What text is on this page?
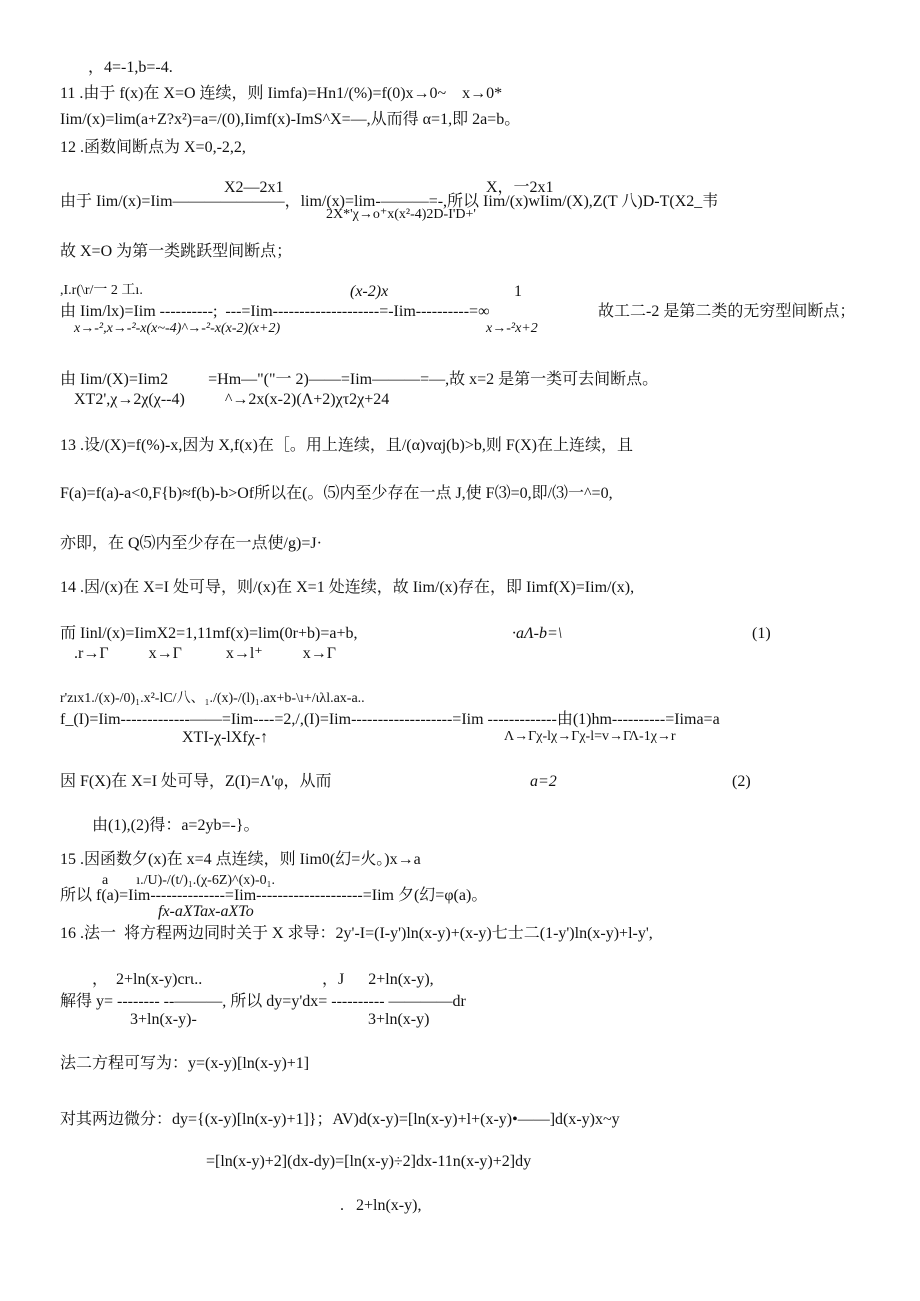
，4=-1,b=-4.
11 .由于 f(x)在 X=O 连续，则 Iimfa)=Hn1/(%)=f(0)x→0~    x→0*
Iim/(x)=lim(a+Z?x²)=a=/(0),Iimf(x)-ImS^X=—,从而得 α=1,即 2a=b。
12 .函数间断点为 X=0,-2,2,
X2—2x1	X，一2x1
由于 Iim/(x)=Iim———————，lim/(x)=lim-———=-,所以 Iim/(x)wIim/(X),Z(T 八)D-T(X2_韦
2X*'χ→o⁺x(x²-4)2D-I'D+'
故 X=O 为第一类跳跃型间断点；
,I.r(\r/一 2 工ı.	(x-2)x	1
由 Iim/lx)=Iim ----------;  ---=Iim--------------------=-Iim----------=∞	故工二-2 是第二类的无穷型间断点；
x→-²,x→-²-x(x~-4)^→-²-x(x-2)(x+2)	x→-²x+2
由 Iim/(X)=Iim2          =Hm—"("一 2)——=Iim———=—,故 x=2 是第一类可去间断点。
XT2',χ→2χ(χ--4)          ^→2x(x-2)(Λ+2)χτ2χ+24
13 .设/(X)=f(%)-x,因为 X,f(x)在［。用上连续，且/(α)vαj(b)>b,则 F(X)在上连续，且
F(a)=f(a)-a<0,F{b)≈f(b)-b>Of所以在(。⑸内至少存在一点 J,使 F⑶=0,即/⑶一^=0,
亦即，在 Q⑸内至少存在一点使/g)=J·
14 .因/(x)在 X=I 处可导，则/(x)在 X=1 处连续，故 Iim/(x)存在，即 Iimf(X)=Iim/(x),
而 Iinl/(x)=IimX2=1,11mf(x)=lim(0r+b)=a+b,	∙aΛ-b=\	(1)
.r→Γ          x→Γ           x→l⁺          x→Γ
r'zıx1./(x)-/0)₁.x²-lC/八、₁./(x)-/(l)₁.ax+b-\ı+/ιλl.ax-a..
f_(I)=Iim-------------——=Iim----=2,/,(I)=Iim-------------------=Iim -------------由(1)hm----------=Iima=a
XTI-χ-lXfχ-↑	Λ→Γχ-lχ→Γχ-l=v→ΓΛ-1χ→r
因 F(X)在 X=I 处可导，Z(I)=Λ'φ，从而	a=2	(2)
由(1),(2)得：a=2yb=-}。
15 .因函数夕(x)在 x=4 点连续，则 Iim0(幻=火。)x→a
a        ı./U)-/(t/)₁.(χ-6Z)^(x)-0₁.
所以 f(a)=Iim--------------=Iim--------------------=Iim 夕(幻=φ(a)。
fx-aXTax-aXTo
16 .法一  将方程两边同时关于 X 求导：2y'-I=(I-y')ln(x-y)+(x-y)七士二(1-y')ln(x-y)+l-y',
，  2+ln(x-y)crι..	，J      2+ln(x-y),
解得 y= -------- --———, 所以 dy=y'dx= ---------- ————dr
3+ln(x-y)-	3+ln(x-y)
法二方程可写为：y=(x-y)[ln(x-y)+1]
对其两边微分：dy={(x-y)[ln(x-y)+1]}；AV)d(x-y)=[ln(x-y)+l+(x-y)•——]d(x-y)x~y
=[ln(x-y)+2](dx-dy)=[ln(x-y)÷2]dx-11n(x-y)+2]dy
.   2+ln(x-y),
